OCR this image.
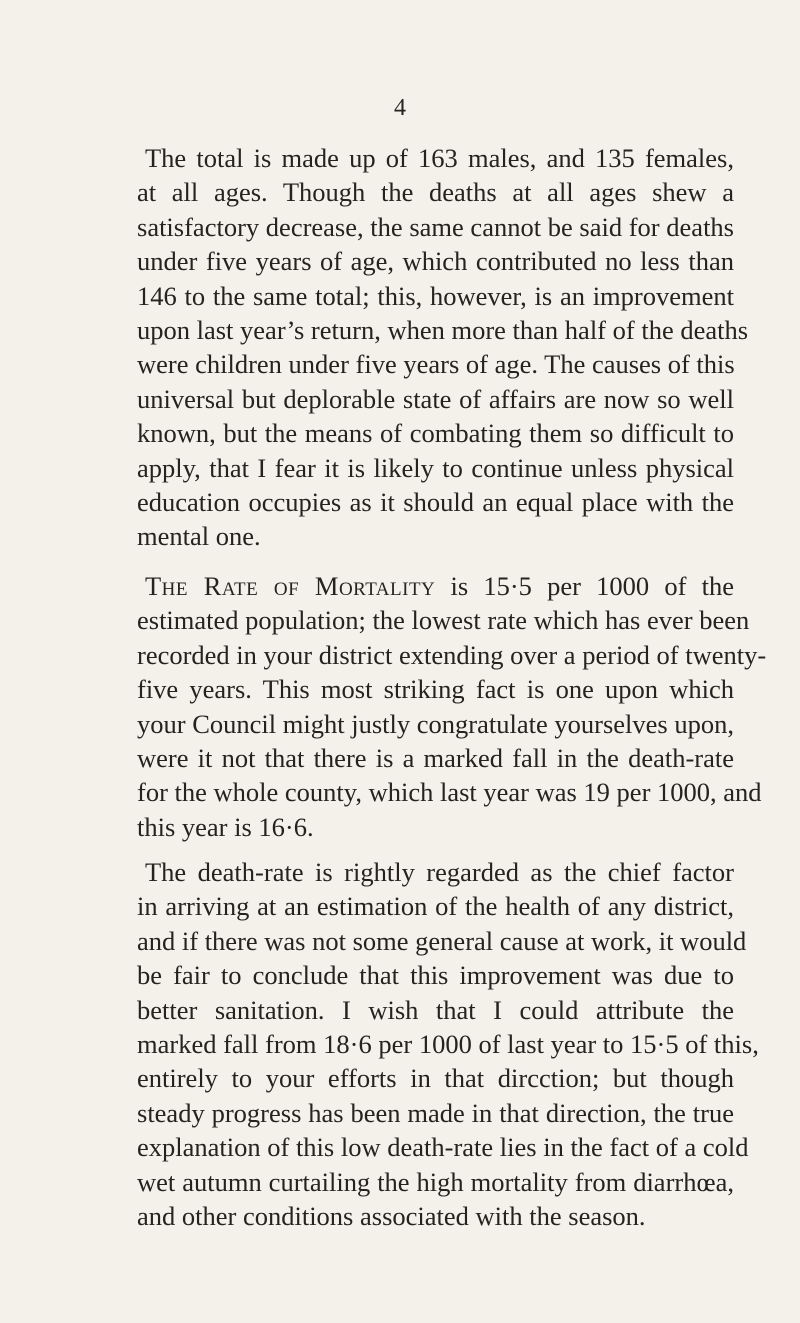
4
The total is made up of 163 males, and 135 females,
at all ages. Though the deaths at all ages shew a
satisfactory decrease, the same cannot be said for deaths
under five years of age, which contributed no less than
146 to the same total; this, however, is an improvement
upon last year’s return, when more than half of the deaths
were children under five years of age. The causes of this
universal but deplorable state of affairs are now so well
known, but the means of combating them so difficult to
apply, that I fear it is likely to continue unless physical
education occupies as it should an equal place with the
mental one.
The Rate of Mortality is 15·5 per 1000 of the
estimated population; the lowest rate which has ever been
recorded in your district extending over a period of twenty-
five years. This most striking fact is one upon which
your Council might justly congratulate yourselves upon,
were it not that there is a marked fall in the death-rate
for the whole county, which last year was 19 per 1000, and
this year is 16·6.
The death-rate is rightly regarded as the chief factor
in arriving at an estimation of the health of any district,
and if there was not some general cause at work, it would
be fair to conclude that this improvement was due to
better sanitation. I wish that I could attribute the
marked fall from 18·6 per 1000 of last year to 15·5 of this,
entirely to your efforts in that dircction; but though
steady progress has been made in that direction, the true
explanation of this low death-rate lies in the fact of a cold
wet autumn curtailing the high mortality from diarrhœa,
and other conditions associated with the season.
